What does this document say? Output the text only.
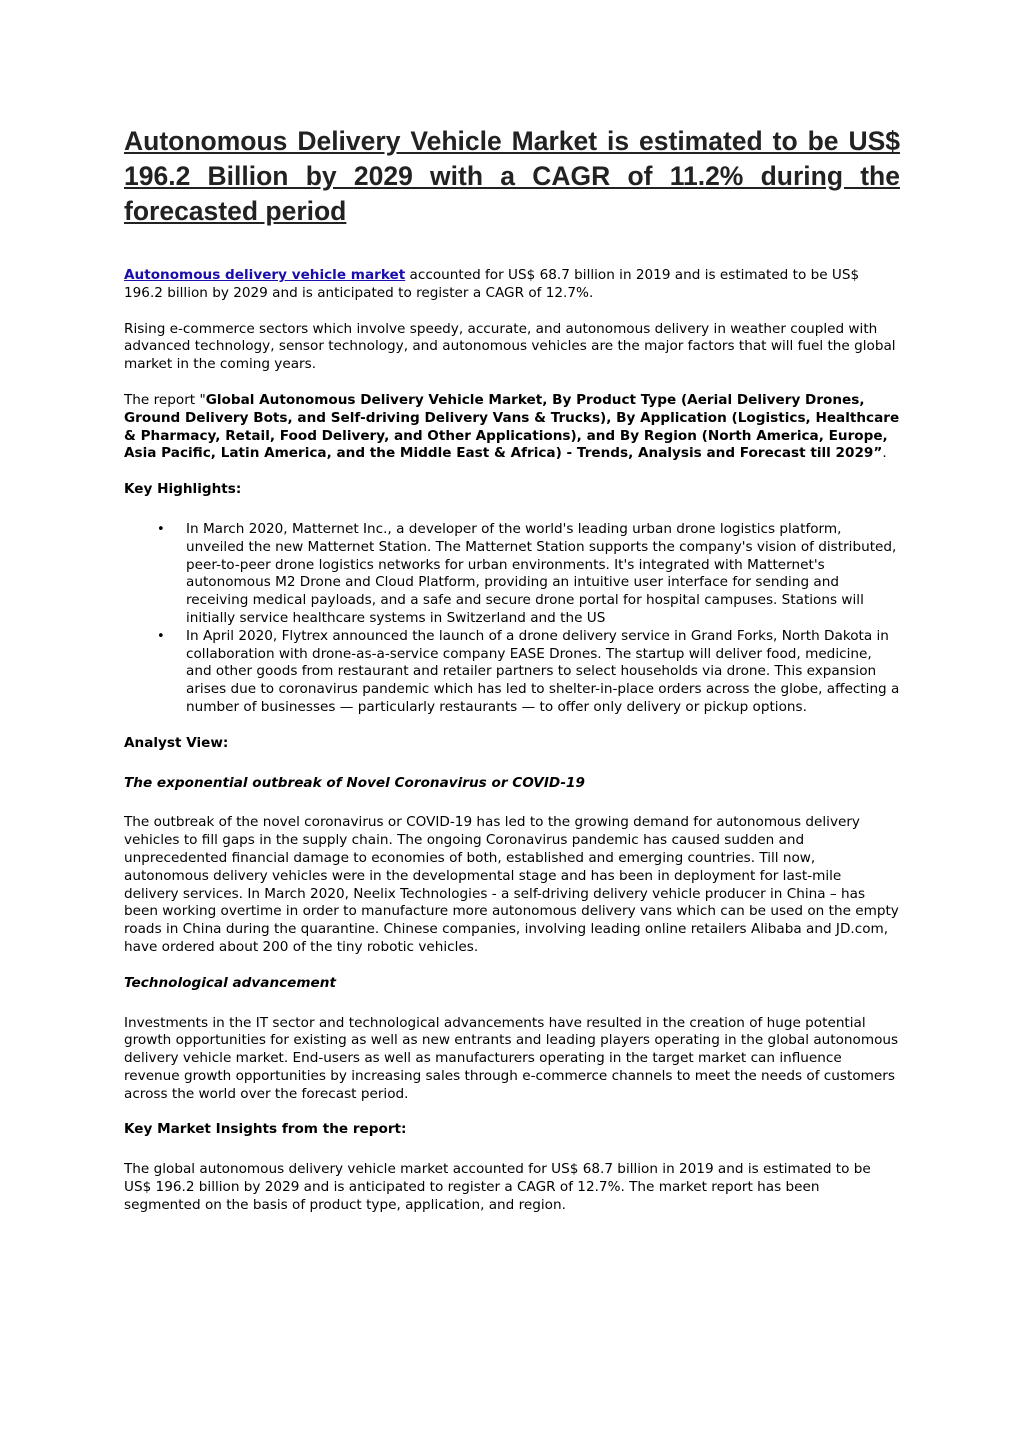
Autonomous Delivery Vehicle Market is estimated to be US$ 196.2 Billion by 2029 with a CAGR of 11.2% during the forecasted period

Autonomous delivery vehicle market accounted for US$ 68.7 billion in 2019 and is estimated to be US$ 196.2 billion by 2029 and is anticipated to register a CAGR of 12.7%.

Rising e-commerce sectors which involve speedy, accurate, and autonomous delivery in weather coupled with advanced technology, sensor technology, and autonomous vehicles are the major factors that will fuel the global market in the coming years.

The report "Global Autonomous Delivery Vehicle Market, By Product Type (Aerial Delivery Drones, Ground Delivery Bots, and Self-driving Delivery Vans & Trucks), By Application (Logistics, Healthcare & Pharmacy, Retail, Food Delivery, and Other Applications), and By Region (North America, Europe, Asia Pacific, Latin America, and the Middle East & Africa) - Trends, Analysis and Forecast till 2029”.

Key Highlights:

• In March 2020, Matternet Inc., a developer of the world's leading urban drone logistics platform, unveiled the new Matternet Station. The Matternet Station supports the company's vision of distributed, peer-to-peer drone logistics networks for urban environments. It's integrated with Matternet's autonomous M2 Drone and Cloud Platform, providing an intuitive user interface for sending and receiving medical payloads, and a safe and secure drone portal for hospital campuses. Stations will initially service healthcare systems in Switzerland and the US
• In April 2020, Flytrex announced the launch of a drone delivery service in Grand Forks, North Dakota in collaboration with drone-as-a-service company EASE Drones. The startup will deliver food, medicine, and other goods from restaurant and retailer partners to select households via drone. This expansion arises due to coronavirus pandemic which has led to shelter-in-place orders across the globe, affecting a number of businesses — particularly restaurants — to offer only delivery or pickup options.

Analyst View:

The exponential outbreak of Novel Coronavirus or COVID-19

The outbreak of the novel coronavirus or COVID-19 has led to the growing demand for autonomous delivery vehicles to fill gaps in the supply chain. The ongoing Coronavirus pandemic has caused sudden and unprecedented financial damage to economies of both, established and emerging countries. Till now, autonomous delivery vehicles were in the developmental stage and has been in deployment for last-mile delivery services. In March 2020, Neelix Technologies - a self-driving delivery vehicle producer in China – has been working overtime in order to manufacture more autonomous delivery vans which can be used on the empty roads in China during the quarantine. Chinese companies, involving leading online retailers Alibaba and JD.com, have ordered about 200 of the tiny robotic vehicles.

Technological advancement

Investments in the IT sector and technological advancements have resulted in the creation of huge potential growth opportunities for existing as well as new entrants and leading players operating in the global autonomous delivery vehicle market. End-users as well as manufacturers operating in the target market can influence revenue growth opportunities by increasing sales through e-commerce channels to meet the needs of customers across the world over the forecast period.

Key Market Insights from the report:

The global autonomous delivery vehicle market accounted for US$ 68.7 billion in 2019 and is estimated to be US$ 196.2 billion by 2029 and is anticipated to register a CAGR of 12.7%. The market report has been segmented on the basis of product type, application, and region.
